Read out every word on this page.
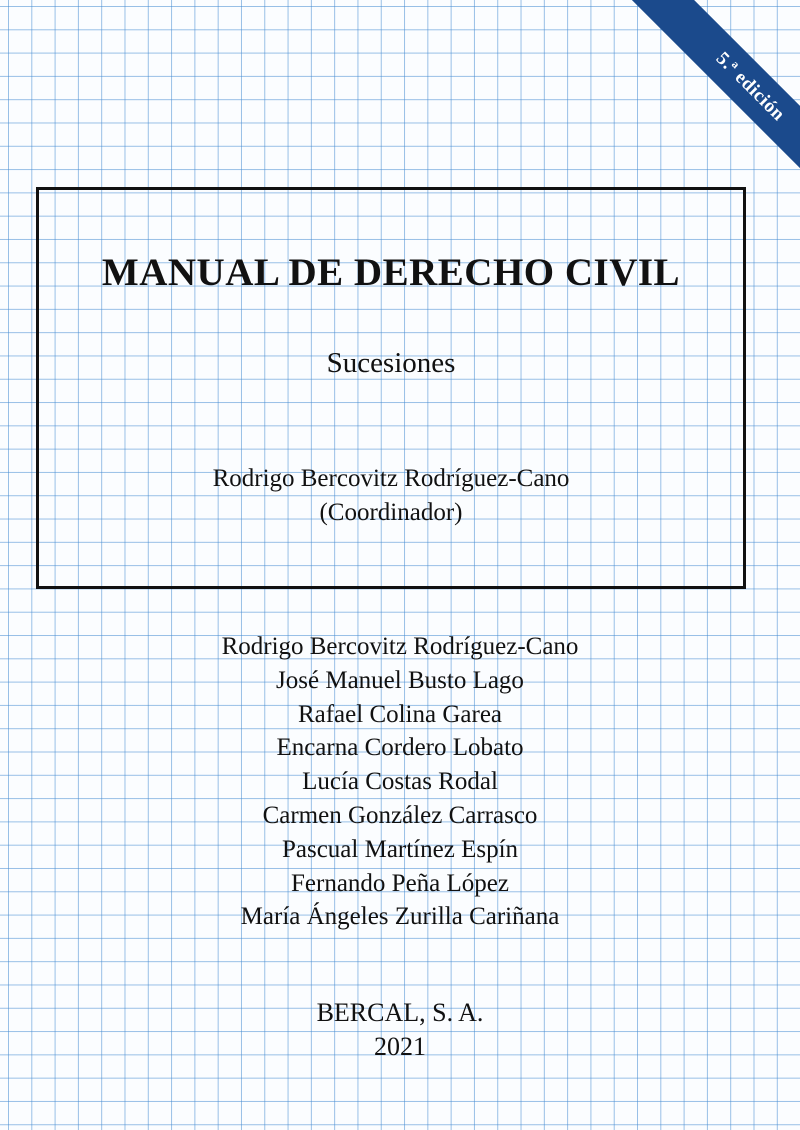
5.ª edición
MANUAL DE DERECHO CIVIL
Sucesiones
Rodrigo Bercovitz Rodríguez-Cano
(Coordinador)
Rodrigo Bercovitz Rodríguez-Cano
José Manuel Busto Lago
Rafael Colina Garea
Encarna Cordero Lobato
Lucía Costas Rodal
Carmen González Carrasco
Pascual Martínez Espín
Fernando Peña López
María Ángeles Zurilla Cariñana
BERCAL, S. A.
2021
